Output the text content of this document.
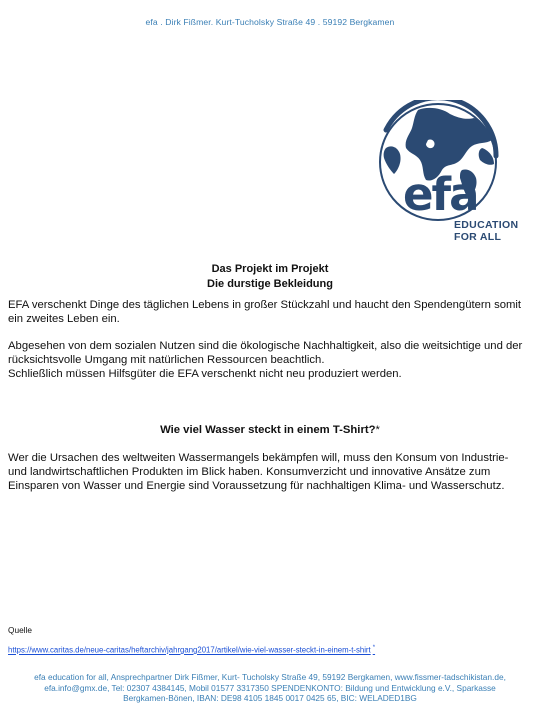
efa . Dirk Fißmer. Kurt-Tucholsky Straße 49 . 59192 Bergkamen
efa
EDUCATION
FOR ALL
Das Projekt im Projekt
Die durstige Bekleidung
EFA verschenkt Dinge des täglichen Lebens in großer Stückzahl und haucht den Spendengütern somit ein zweites Leben ein.
Abgesehen von dem sozialen Nutzen sind die ökologische Nachhaltigkeit, also die weitsichtige und der rücksichtsvolle Umgang mit natürlichen Ressourcen beachtlich.
Schließlich müssen Hilfsgüter die EFA verschenkt nicht neu produziert werden.
Wie viel Wasser steckt in einem T-Shirt?*
Wer die Ursachen des weltweiten Wassermangels bekämpfen will, muss den Konsum von Industrie- und landwirtschaftlichen Produkten im Blick haben. Konsumverzicht und innovative Ansätze zum Einsparen von Wasser und Energie sind Voraussetzung für nachhaltigen Klima- und Wasserschutz.
Quelle
https://www.caritas.de/neue-caritas/heftarchiv/jahrgang2017/artikel/wie-viel-wasser-steckt-in-einem-t-shirt *
efa education for all, Ansprechpartner Dirk Fißmer, Kurt- Tucholsky Straße 49, 59192 Bergkamen, www.fissmer-tadschikistan.de,
efa.info@gmx.de, Tel: 02307 4384145, Mobil 01577 3317350 SPENDENKONTO: Bildung und Entwicklung e.V., Sparkasse
Bergkamen-Bönen, IBAN: DE98 4105 1845 0017 0425 65, BIC: WELADED1BG
